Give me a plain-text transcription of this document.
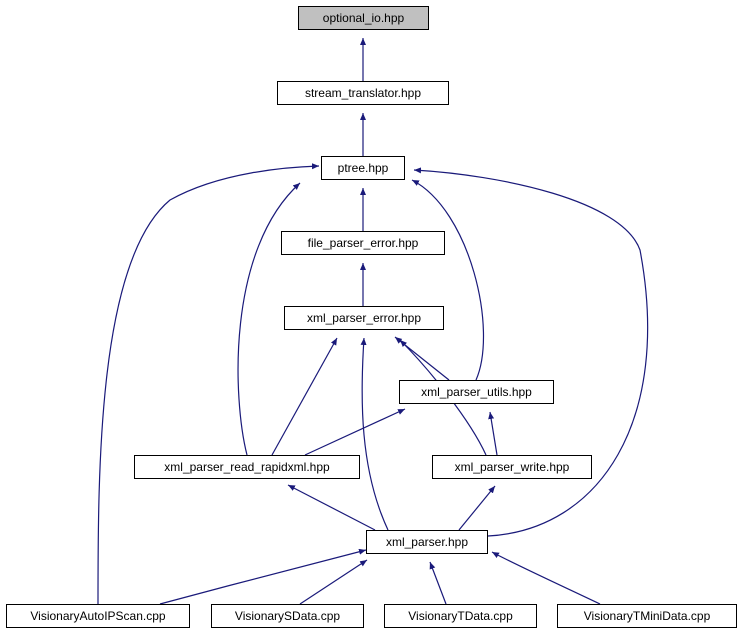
optional_io.hpp
stream_translator.hpp
ptree.hpp
file_parser_error.hpp
xml_parser_error.hpp
xml_parser_utils.hpp
xml_parser_read_rapidxml.hpp	xml_parser_write.hpp
xml_parser.hpp
VisionaryAutoIPScan.cpp	VisionarySData.cpp	VisionaryTData.cpp	VisionaryTMiniData.cpp
